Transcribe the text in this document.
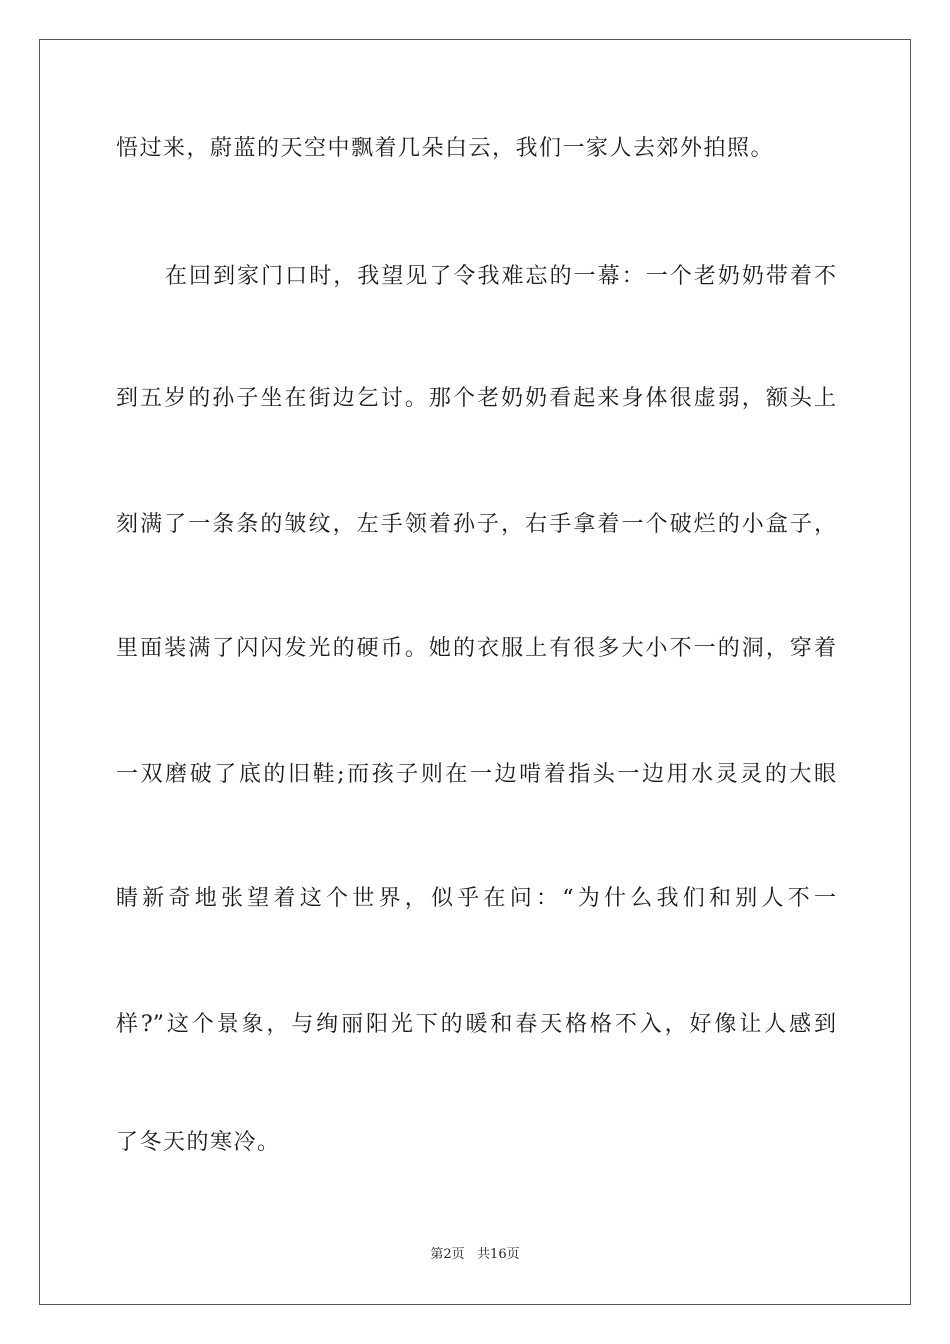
悟过来，蔚蓝的天空中飘着几朵白云，我们一家人去郊外拍照。
在回到家门口时，我望见了令我难忘的一幕：一个老奶奶带着不
到五岁的孙子坐在街边乞讨。那个老奶奶看起来身体很虚弱，额头上
刻满了一条条的皱纹，左手领着孙子，右手拿着一个破烂的小盒子，
里面装满了闪闪发光的硬币。她的衣服上有很多大小不一的洞，穿着
一双磨破了底的旧鞋;而孩子则在一边啃着指头一边用水灵灵的大眼
睛新奇地张望着这个世界，似乎在问：“为什么我们和别人不一
样?”这个景象，与绚丽阳光下的暖和春天格格不入，好像让人感到
了冬天的寒冷。
第2页   共16页
